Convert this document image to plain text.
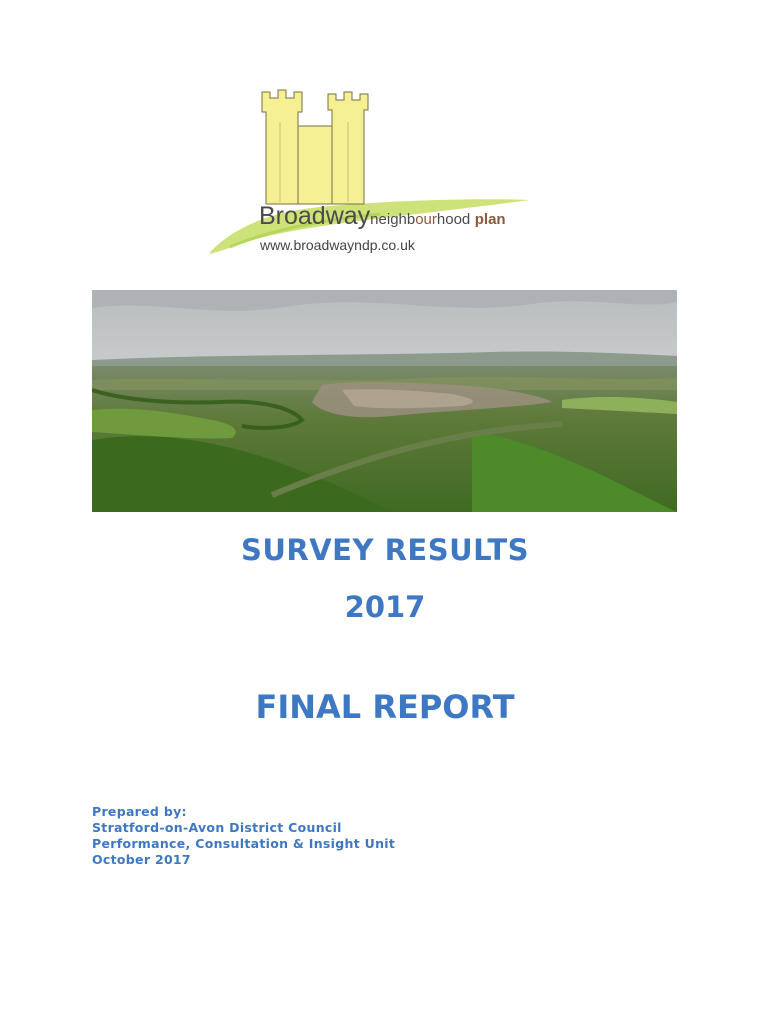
Broadwayneighbourhood plan
www.broadwayndp.co.uk
SURVEY RESULTS
2017
FINAL REPORT
Prepared by:
Stratford-on-Avon District Council
Performance, Consultation & Insight Unit
October 2017
